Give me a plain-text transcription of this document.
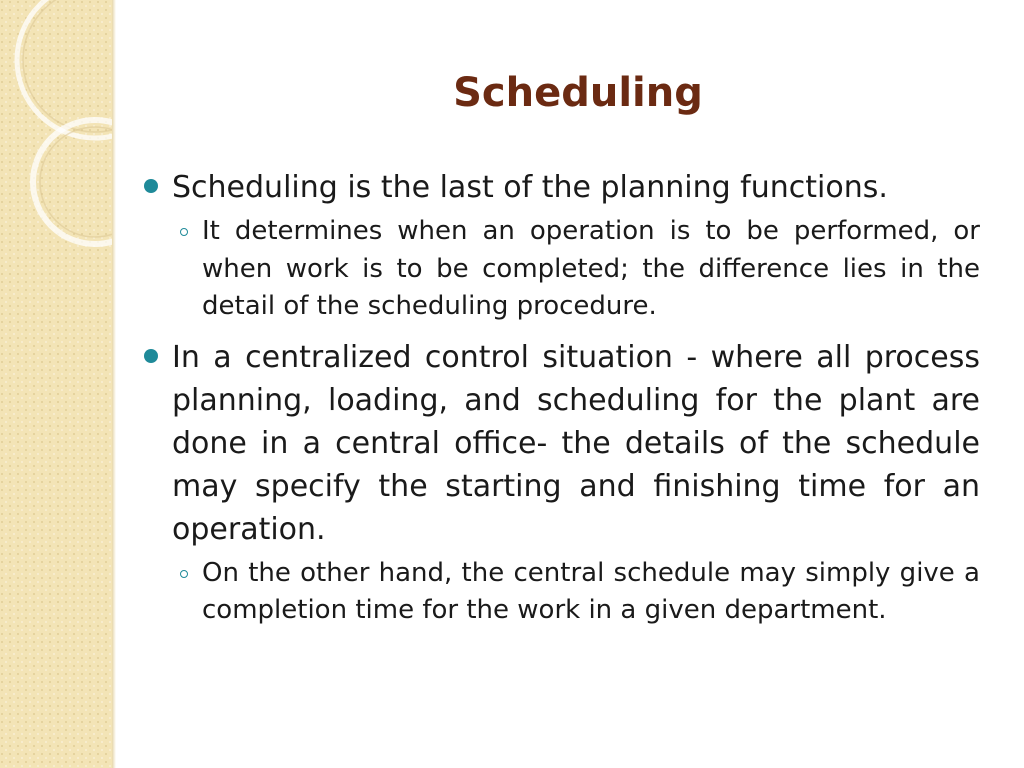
Scheduling
Scheduling is the last of the planning functions.
It determines when an operation is to be performed, or when work is to be completed; the difference lies in the detail of the scheduling procedure.
In a centralized control situation - where all process planning, loading, and scheduling for the plant are done in a central office- the details of the schedule may specify the starting and finishing time for an operation.
On the other hand, the central schedule may simply give a completion time for the work in a given department.
